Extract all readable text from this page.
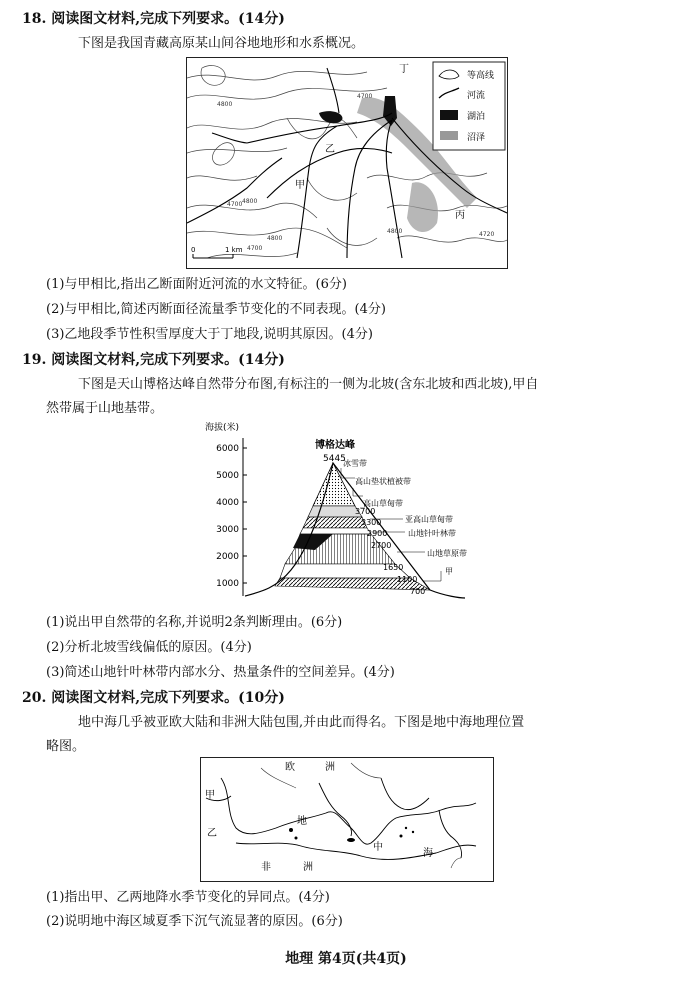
18. 阅读图文材料,完成下列要求。(14分)
下图是我国青藏高原某山间谷地地形和水系概况。
等高线
河流
湖泊
沼泽
甲
乙
丙
丁
4800
4700
4800
4700
4800
4700
4720
4800
0	1 km
(1)与甲相比,指出乙断面附近河流的水文特征。(6分)
(2)与甲相比,简述丙断面径流量季节变化的不同表现。(4分)
(3)乙地段季节性积雪厚度大于丁地段,说明其原因。(4分)
19. 阅读图文材料,完成下列要求。(14分)
下图是天山博格达峰自然带分布图,有标注的一侧为北坡(含东北坡和西北坡),甲自
然带属于山地基带。
海拔(米)
1000
2000
3000
4000
5000
6000	博格达峰
5445
冰雪带
高山垫状植被带
高山草甸带
亚高山草甸带
山地针叶林带
山地草原带
甲
3700
3300
2900
2700
1650
1100
700
(1)说出甲自然带的名称,并说明2条判断理由。(6分)
(2)分析北坡雪线偏低的原因。(4分)
(3)简述山地针叶林带内部水分、热量条件的空间差异。(4分)
20. 阅读图文材料,完成下列要求。(10分)
地中海几乎被亚欧大陆和非洲大陆包围,并由此而得名。下图是地中海地理位置
略图。
欧	洲
甲
乙
地
中
海
非	洲
(1)指出甲、乙两地降水季节变化的异同点。(4分)
(2)说明地中海区域夏季下沉气流显著的原因。(6分)
地理 第4页(共4页)
